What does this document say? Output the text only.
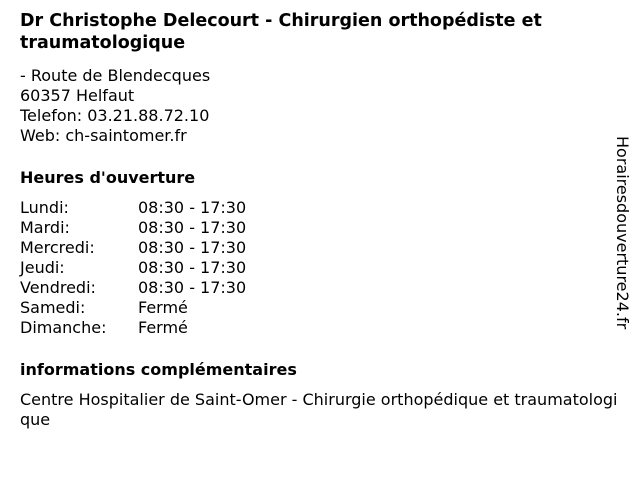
Dr Christophe Delecourt - Chirurgien orthopédiste et traumatologique
- Route de Blendecques
60357 Helfaut
Telefon: 03.21.88.72.10
Web: ch-saintomer.fr
Heures d'ouverture
Lundi:	08:30 - 17:30
Mardi:	08:30 - 17:30
Mercredi:	08:30 - 17:30
Jeudi:	08:30 - 17:30
Vendredi:	08:30 - 17:30
Samedi:	Fermé
Dimanche:	Fermé
informations complémentaires
Centre Hospitalier de Saint-Omer - Chirurgie orthopédique et traumatologique
Horairesdouverture24.fr
